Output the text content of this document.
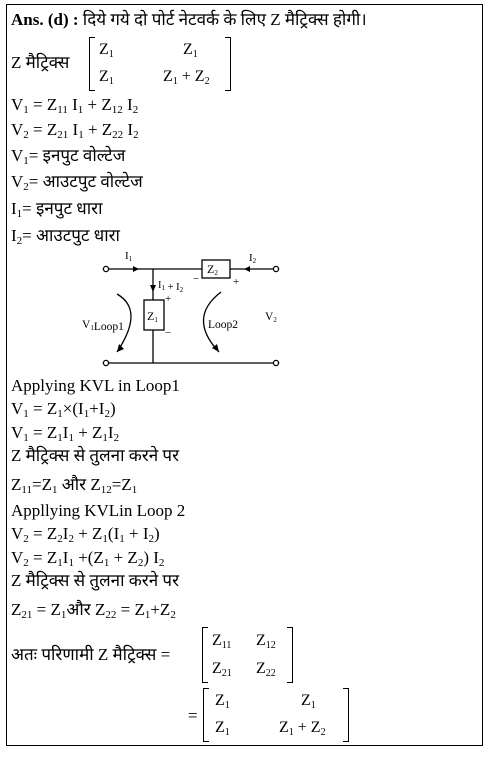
Ans. (d) : दिये गये दो पोर्ट नेटवर्क के लिए Z मैट्रिक्स होगी।
Z मैट्रिक्स
$Z_1$	$Z_1$
$Z_1$	$Z_1 + Z_2$
$V_1 = Z_{11}$ $I_1 + Z_{12}$ $I_2$
$V_2 = Z_{21}$ $I_1 + Z_{22}$ $I_2$
$V_1=$ इनपुट वोल्टेज
$V_2=$ आउटपुट वोल्टेज
$I_1=$ इनपुट धारा
$I_2=$ आउटपुट धारा
I1
Z2
I2
I1 + I2
Z1
V1Loop1	Loop2
V2
+
−
−	+
Applying KVL in Loop1
$V_1 = Z_1\times(I_1+I_2)$
$V_1 = Z_1I_1 + Z_1I_2$
Z मैट्रिक्स से तुलना करने पर
$Z_{11}=Z_1$ और $Z_{12}=Z_1$
Appllying KVLin Loop 2
$V_2 = Z_2I_2 + Z_1(I_1 + I_2)$
$V_2 = Z_1I_1 +(Z_1 + Z_2)$ $I_2$
Z मैट्रिक्स से तुलना करने पर
$Z_{21}$ = $Z_1और$ $Z_{22} = Z_1+Z_2$
अतः परिणामी Z मैट्रिक्स =
$Z_{11}$ $Z_{12}$
$Z_{21}$ $Z_{22}$
=
$Z_1$	$Z_1$
$Z_1$	$Z_1 + Z_2$
